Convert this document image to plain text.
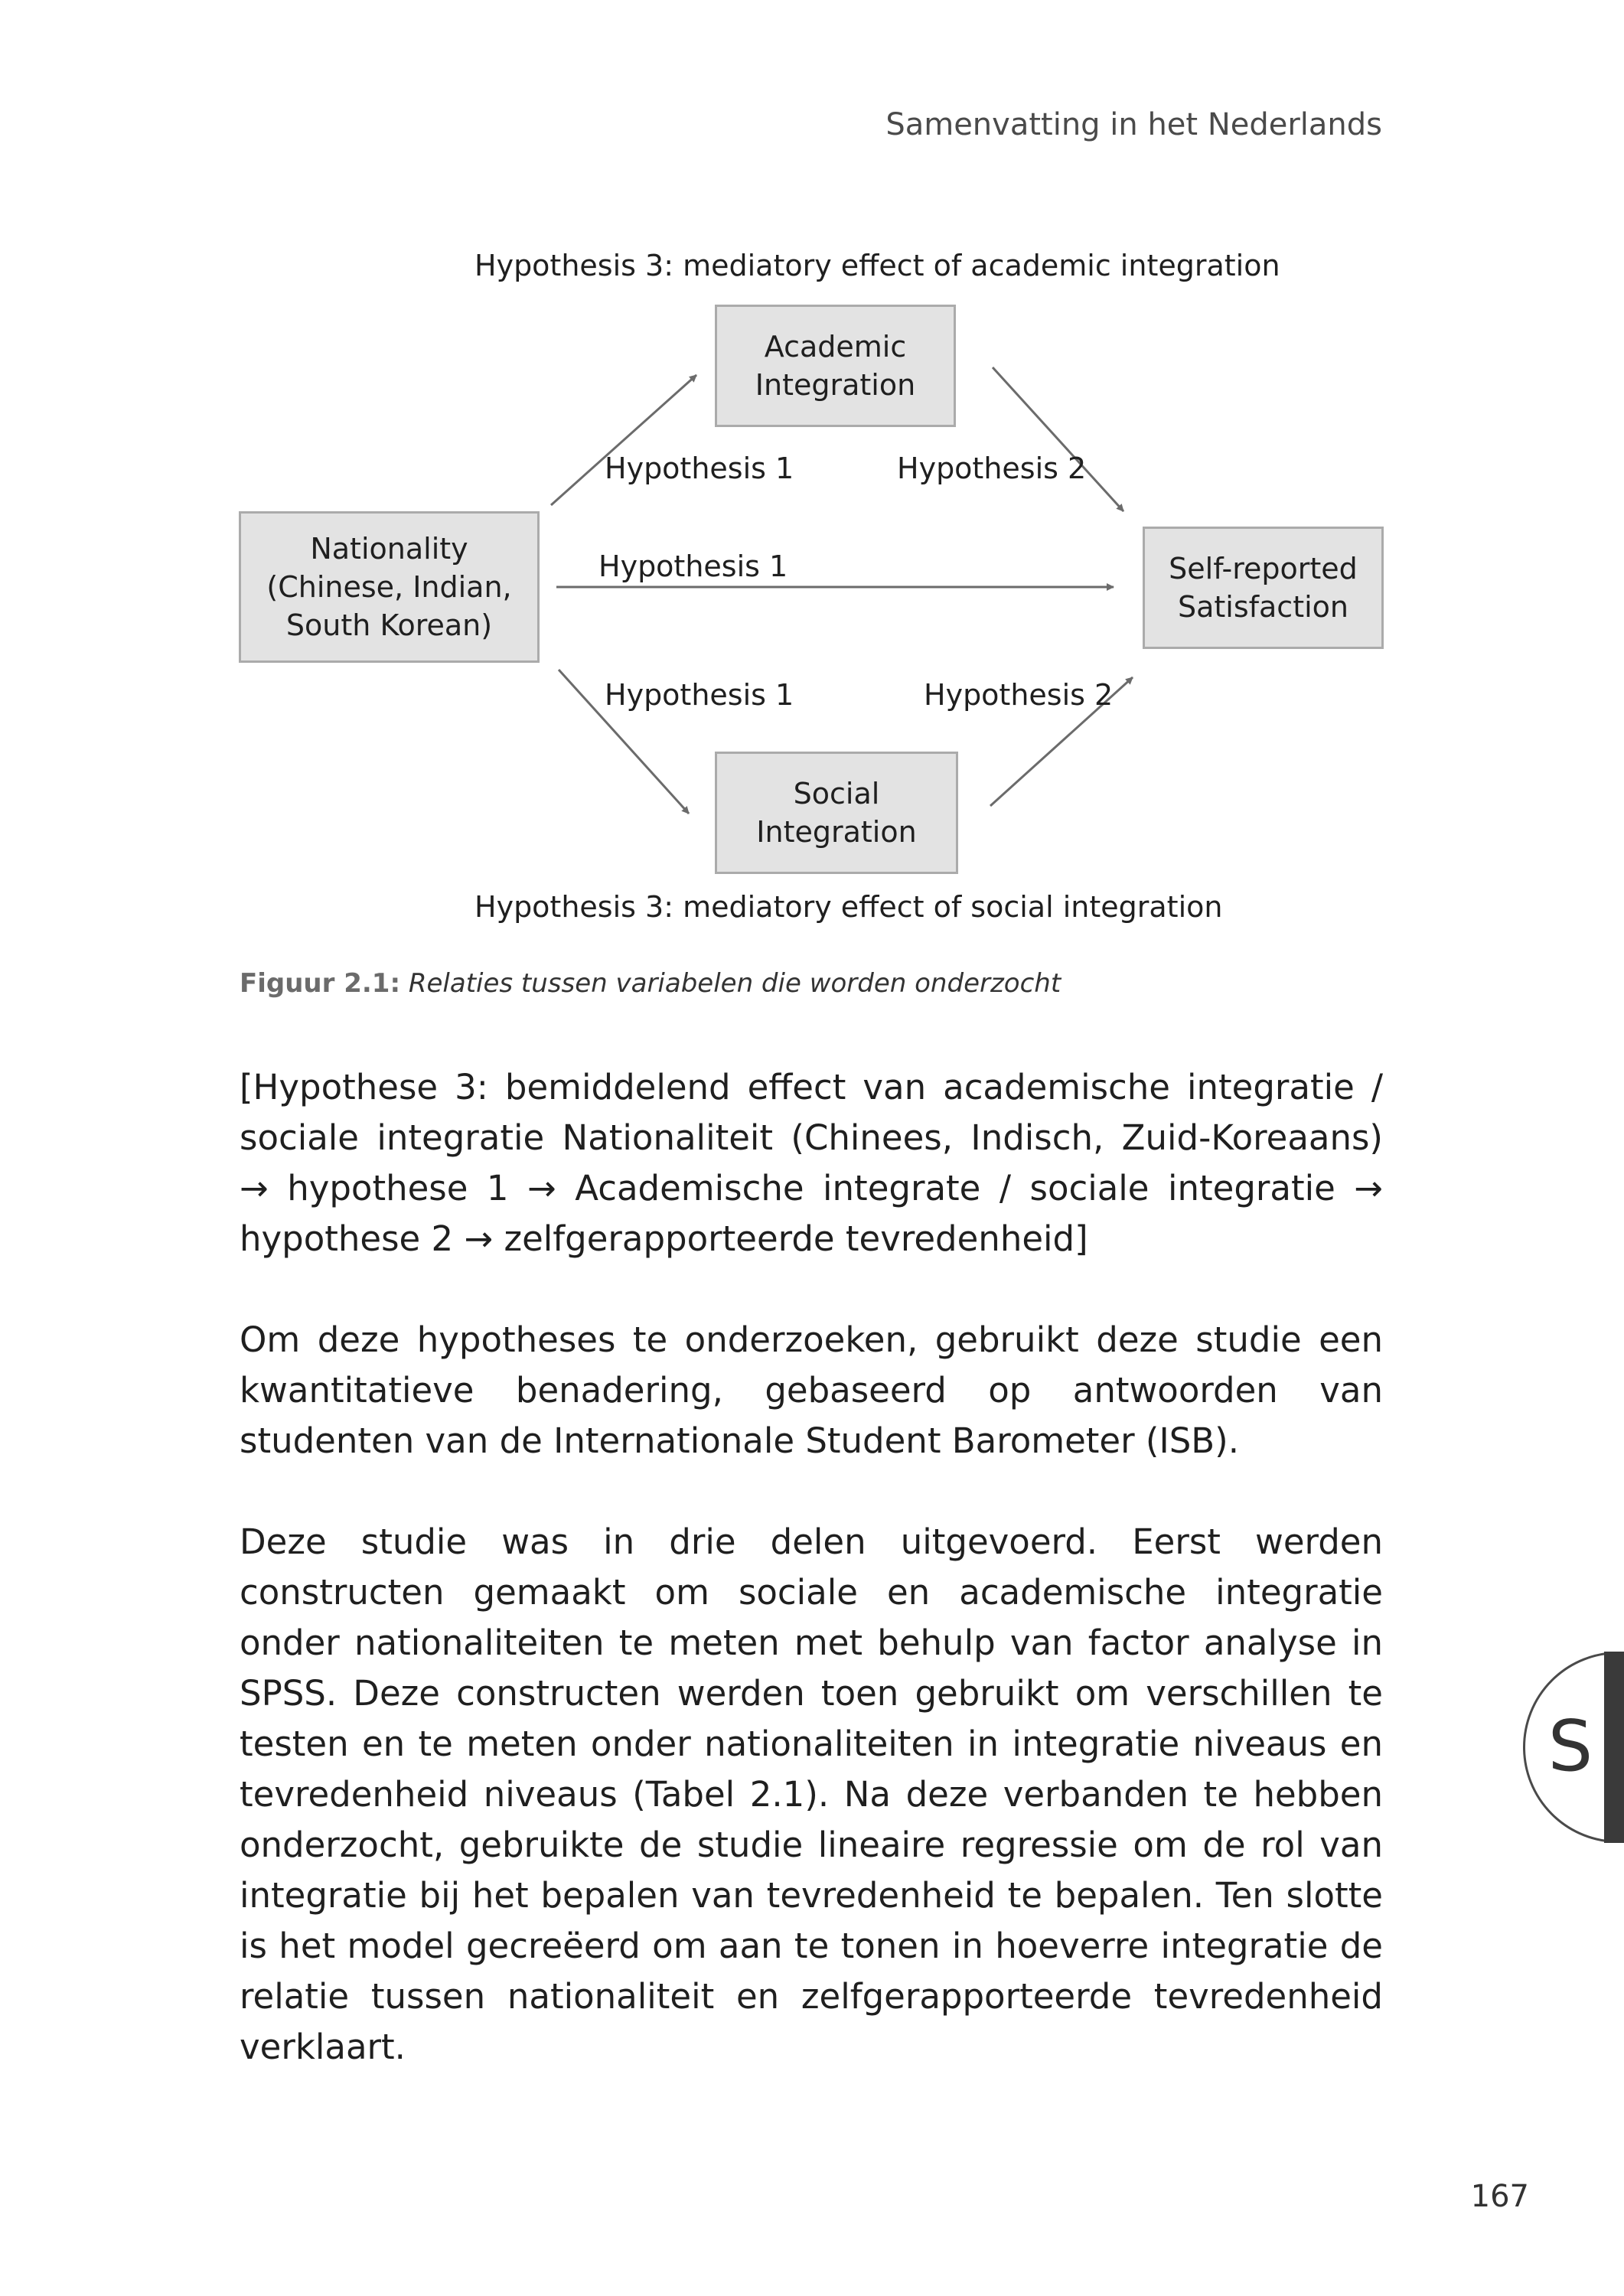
Samenvatting in het Nederlands
Hypothesis 3: mediatory effect of academic integration
Academic
Integration
Nationality
(Chinese, Indian,
South Korean)
Self-reported
Satisfaction
Social
Integration
Hypothesis 1	Hypothesis 2
Hypothesis 1
Hypothesis 1	Hypothesis 2
Hypothesis 3: mediatory effect of social integration
Figuur 2.1: Relaties tussen variabelen die worden onderzocht

[Hypothese 3: bemiddelend effect van academische integratie / sociale integratie Nationaliteit (Chinees, Indisch, Zuid-Koreaans) → hypothese 1 → Academische integrate / sociale integratie → hypothese 2 → zelfgerapporteerde tevredenheid]

Om deze hypotheses te onderzoeken, gebruikt deze studie een kwantitatieve benadering, gebaseerd op antwoorden van studenten van de Internationale Student Barometer (ISB).

Deze studie was in drie delen uitgevoerd. Eerst werden constructen gemaakt om sociale en academische integratie onder nationaliteiten te meten met behulp van factor analyse in SPSS. Deze constructen werden toen gebruikt om verschillen te testen en te meten onder nationaliteiten in integratie niveaus en tevredenheid niveaus (Tabel 2.1). Na deze verbanden te hebben onderzocht, gebruikte de studie lineaire regressie om de rol van integratie bij het bepalen van tevredenheid te bepalen. Ten slotte is het model gecreëerd om aan te tonen in hoeverre integratie de relatie tussen nationaliteit en zelfgerapporteerde tevredenheid verklaart.

S
167
